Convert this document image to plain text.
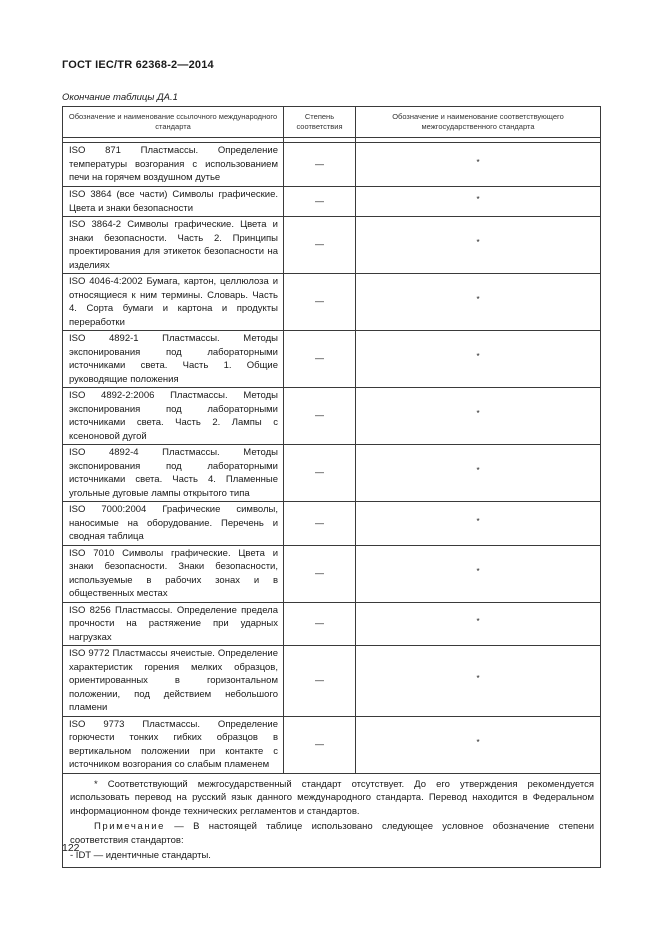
ГОСТ IEC/TR 62368-2—2014
Окончание таблицы ДА.1
Обозначение и наименование ссылочного международного стандарта	Степень соответствия	Обозначение и наименование соответствующего межгосударственного стандарта

ISO 871 Пластмассы. Определение температуры возгорания с использованием печи на горячем воздушном дутье	—	*
ISO 3864 (все части) Символы графические. Цвета и знаки безопасности	—	*
ISO 3864-2 Символы графические. Цвета и знаки безопасности. Часть 2. Принципы проектирования для этикеток безопасности на изделиях	—	*
ISO 4046-4:2002 Бумага, картон, целлюлоза и относящиеся к ним термины. Словарь. Часть 4. Сорта бумаги и картона и продукты переработки	—	*
ISO 4892-1 Пластмассы. Методы экспонирования под лабораторными источниками света. Часть 1. Общие руководящие положения	—	*
ISO 4892-2:2006 Пластмассы. Методы экспонирования под лабораторными источниками света. Часть 2. Лампы с ксеноновой дугой	—	*
ISO 4892-4 Пластмассы. Методы экспонирования под лабораторными источниками света. Часть 4. Пламенные угольные дуговые лампы открытого типа	—	*
ISO 7000:2004 Графические символы, наносимые на оборудование. Перечень и сводная таблица	—	*
ISO 7010 Символы графические. Цвета и знаки безопасности. Знаки безопасности, используемые в рабочих зонах и в общественных местах	—	*
ISO 8256 Пластмассы. Определение предела прочности на растяжение при ударных нагрузках	—	*
ISO 9772 Пластмассы ячеистые. Определение характеристик горения мелких образцов, ориентированных в горизонтальном положении, под действием небольшого пламени	—	*
ISO 9773 Пластмассы. Определение горючести тонких гибких образцов в вертикальном положении при контакте с источником возгорания со слабым пламенем	—	*

* Соответствующий межгосударственный стандарт отсутствует. До его утверждения рекомендуется использовать перевод на русский язык данного международного стандарта. Перевод находится в Федеральном информационном фонде технических регламентов и стандартов.

Примечание — В настоящей таблице использовано следующее условное обозначение степени соответствия стандартов:

- IDT — идентичные стандарты.		

122
